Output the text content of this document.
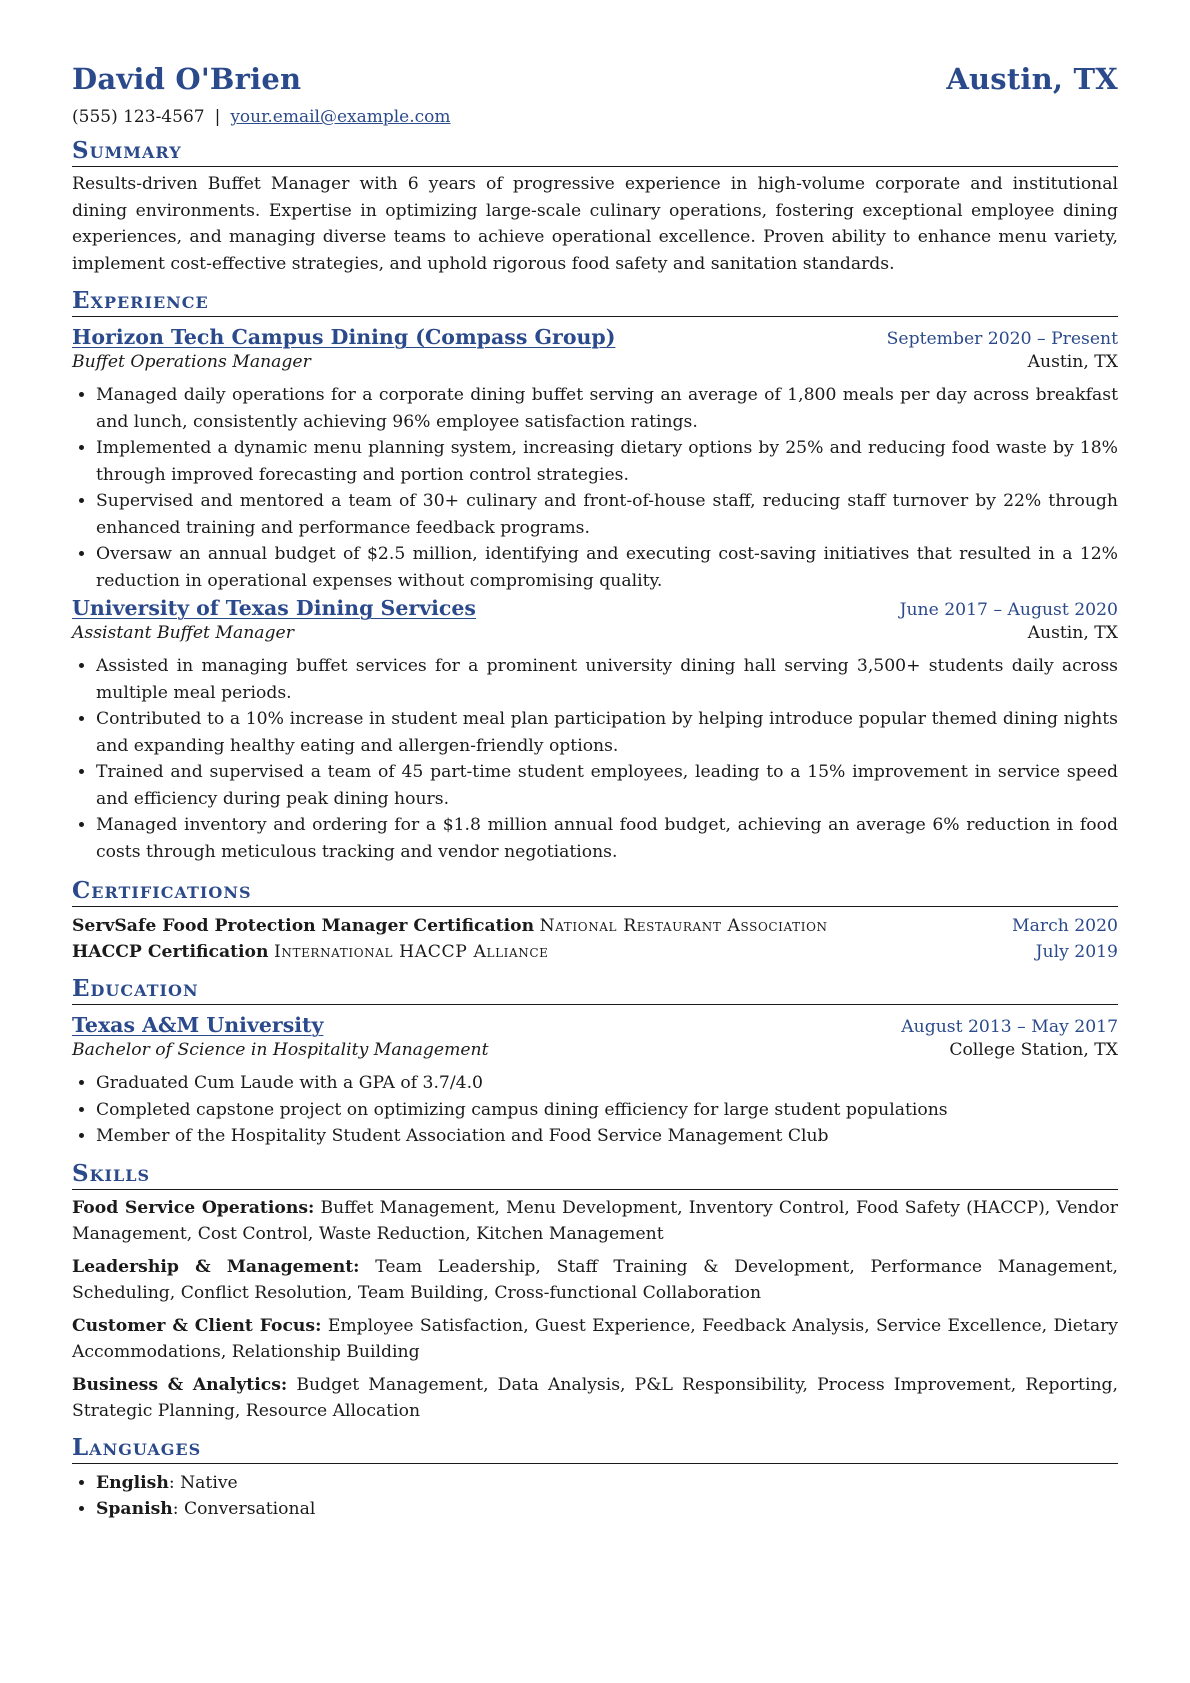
David O'Brien	Austin, TX
(555) 123-4567 | your.email@example.com
Summary
Results-driven Buffet Manager with 6 years of progressive experience in high-volume corporate and institutional dining environments. Expertise in optimizing large-scale culinary operations, fostering exceptional employee dining experiences, and managing diverse teams to achieve operational excellence. Proven ability to enhance menu variety, implement cost-effective strategies, and uphold rigorous food safety and sanitation standards.
Experience
Horizon Tech Campus Dining (Compass Group)	September 2020 – Present
Buffet Operations Manager	Austin, TX
• Managed daily operations for a corporate dining buffet serving an average of 1,800 meals per day across breakfast and lunch, consistently achieving 96% employee satisfaction ratings.
• Implemented a dynamic menu planning system, increasing dietary options by 25% and reducing food waste by 18% through improved forecasting and portion control strategies.
• Supervised and mentored a team of 30+ culinary and front-of-house staff, reducing staff turnover by 22% through enhanced training and performance feedback programs.
• Oversaw an annual budget of $2.5 million, identifying and executing cost-saving initiatives that resulted in a 12% reduction in operational expenses without compromising quality.
University of Texas Dining Services	June 2017 – August 2020
Assistant Buffet Manager	Austin, TX
• Assisted in managing buffet services for a prominent university dining hall serving 3,500+ students daily across multiple meal periods.
• Contributed to a 10% increase in student meal plan participation by helping introduce popular themed dining nights and expanding healthy eating and allergen-friendly options.
• Trained and supervised a team of 45 part-time student employees, leading to a 15% improvement in service speed and efficiency during peak dining hours.
• Managed inventory and ordering for a $1.8 million annual food budget, achieving an average 6% reduction in food costs through meticulous tracking and vendor negotiations.
Certifications
ServSafe Food Protection Manager Certification National Restaurant Association	March 2020
HACCP Certification International HACCP Alliance	July 2019
Education
Texas A&M University	August 2013 – May 2017
Bachelor of Science in Hospitality Management	College Station, TX
• Graduated Cum Laude with a GPA of 3.7/4.0
• Completed capstone project on optimizing campus dining efficiency for large student populations
• Member of the Hospitality Student Association and Food Service Management Club
Skills
Food Service Operations: Buffet Management, Menu Development, Inventory Control, Food Safety (HACCP), Vendor Management, Cost Control, Waste Reduction, Kitchen Management
Leadership & Management: Team Leadership, Staff Training & Development, Performance Management, Scheduling, Conflict Resolution, Team Building, Cross-functional Collaboration
Customer & Client Focus: Employee Satisfaction, Guest Experience, Feedback Analysis, Service Excellence, Dietary Accommodations, Relationship Building
Business & Analytics: Budget Management, Data Analysis, P&L Responsibility, Process Improvement, Reporting, Strategic Planning, Resource Allocation
Languages
• English: Native
• Spanish: Conversational
